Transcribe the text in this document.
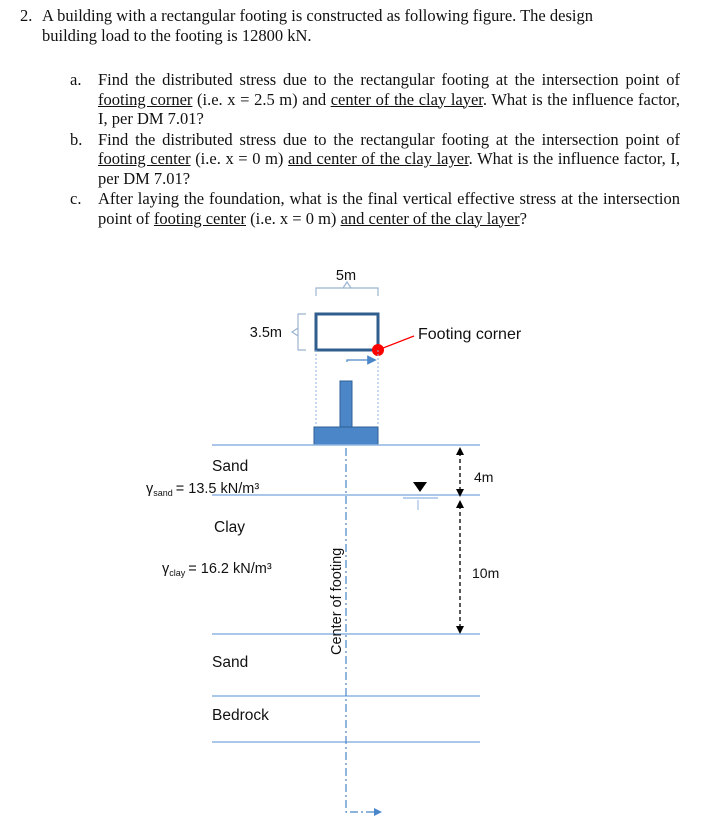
2. A building with a rectangular footing is constructed as following figure. The design
building load to the footing is 12800 kN.
a. Find the distributed stress due to the rectangular footing at the intersection point of footing corner (i.e. x = 2.5 m) and center of the clay layer. What is the influence factor, I, per DM 7.01?
b. Find the distributed stress due to the rectangular footing at the intersection point of footing center (i.e. x = 0 m) and center of the clay layer. What is the influence factor, I, per DM 7.01?
c. After laying the foundation, what is the final vertical effective stress at the intersection point of footing center (i.e. x = 0 m) and center of the clay layer?
5m
3.5m	Footing corner
Center of footing
4m
10m
Sand
$\gamma_{sand} = 13.5$ kN/m³
Clay
$\gamma_{clay} = 16.2$ kN/m³
Sand
Bedrock
